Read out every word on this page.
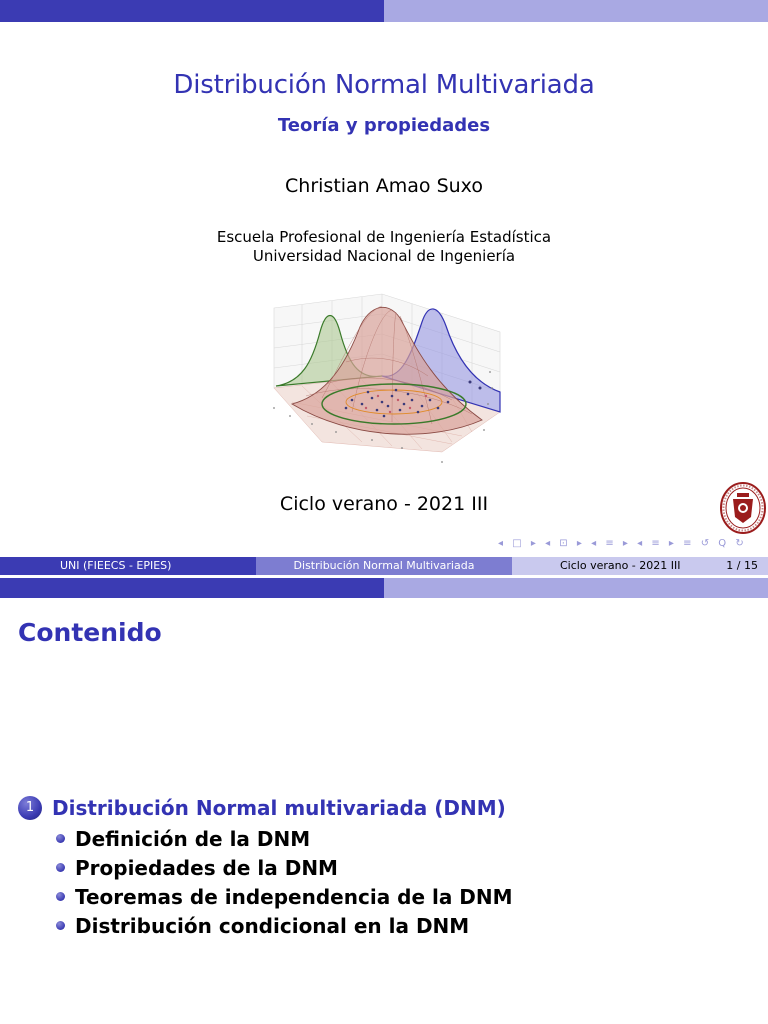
Distribución Normal Multivariada
Teoría y propiedades
Christian Amao Suxo
Escuela Profesional de Ingeniería Estadística
Universidad Nacional de Ingeniería
Ciclo verano - 2021 III
◂ □ ▸ ◂ ⊡ ▸ ◂ ≡ ▸ ◂ ≡ ▸ ≡ ↺ Q ↻
UNI (FIEECS - EPIES)	Distribución Normal Multivariada	Ciclo verano - 2021 III	1 / 15
Contenido
1 Distribución Normal multivariada (DNM)
Definición de la DNM
Propiedades de la DNM
Teoremas de independencia de la DNM
Distribución condicional en la DNM
